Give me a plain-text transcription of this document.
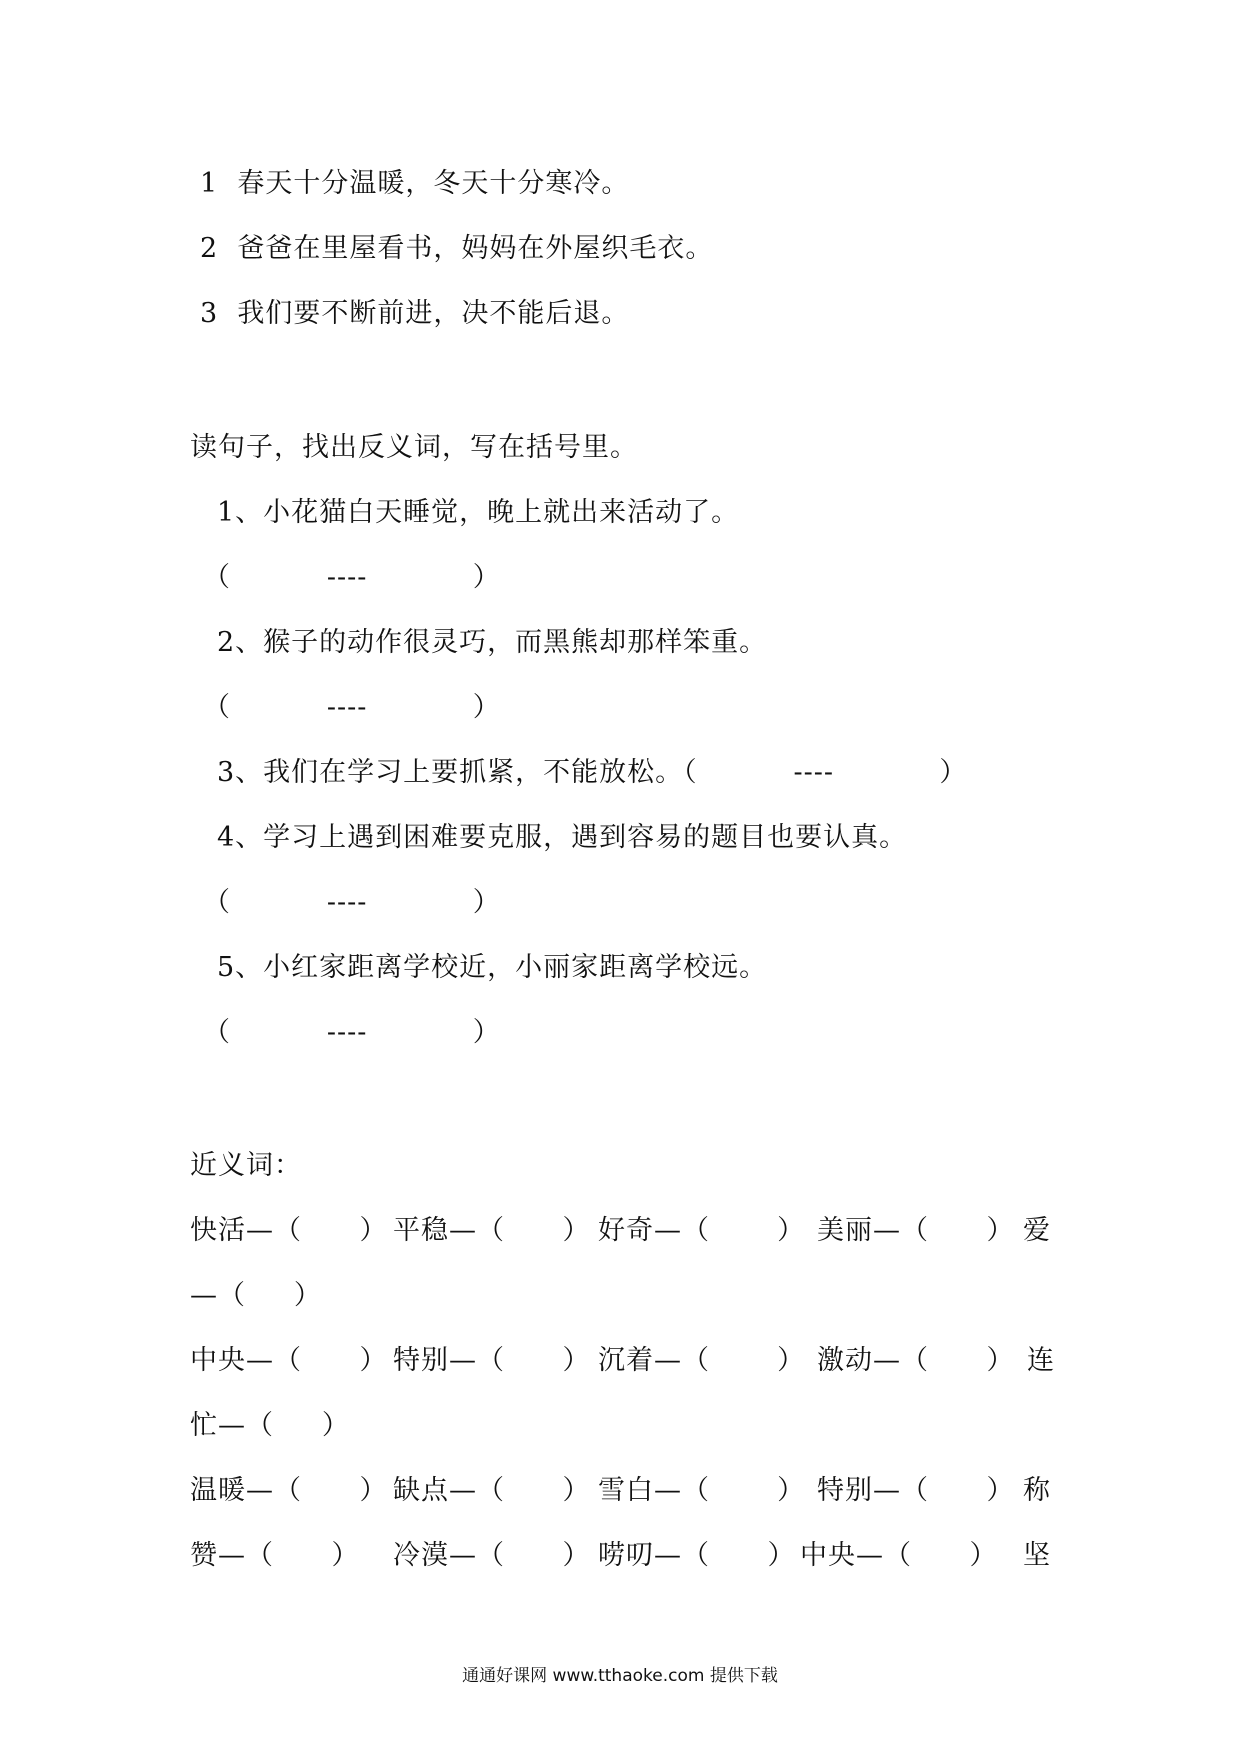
1  春天十分温暖，冬天十分寒冷。
2  爸爸在里屋看书，妈妈在外屋织毛衣。
3  我们要不断前进，决不能后退。
读句子，找出反义词，写在括号里。
1、小花猫白天睡觉，晚上就出来活动了。
（          ----           ）
2、猴子的动作很灵巧，而黑熊却那样笨重。
（          ----           ）
3、我们在学习上要抓紧，不能放松。（          ----           ）
4、学习上遇到困难要克服，遇到容易的题目也要认真。
（          ----           ）
5、小红家距离学校近，小丽家距离学校远。
（          ----           ）
近义词：
快活—（      ） 平稳—（      ） 好奇—（       ） 美丽—（      ） 爱
—（     ）
中央—（      ） 特别—（      ） 沉着—（       ） 激动—（      ） 连
忙—（     ）
温暖—（      ） 缺点—（      ） 雪白—（       ） 特别—（      ） 称
赞—（      ） 冷漠—（      ） 唠叨—（      ） 中央—（      ） 坚
通通好课网 www.tthaoke.com 提供下载
